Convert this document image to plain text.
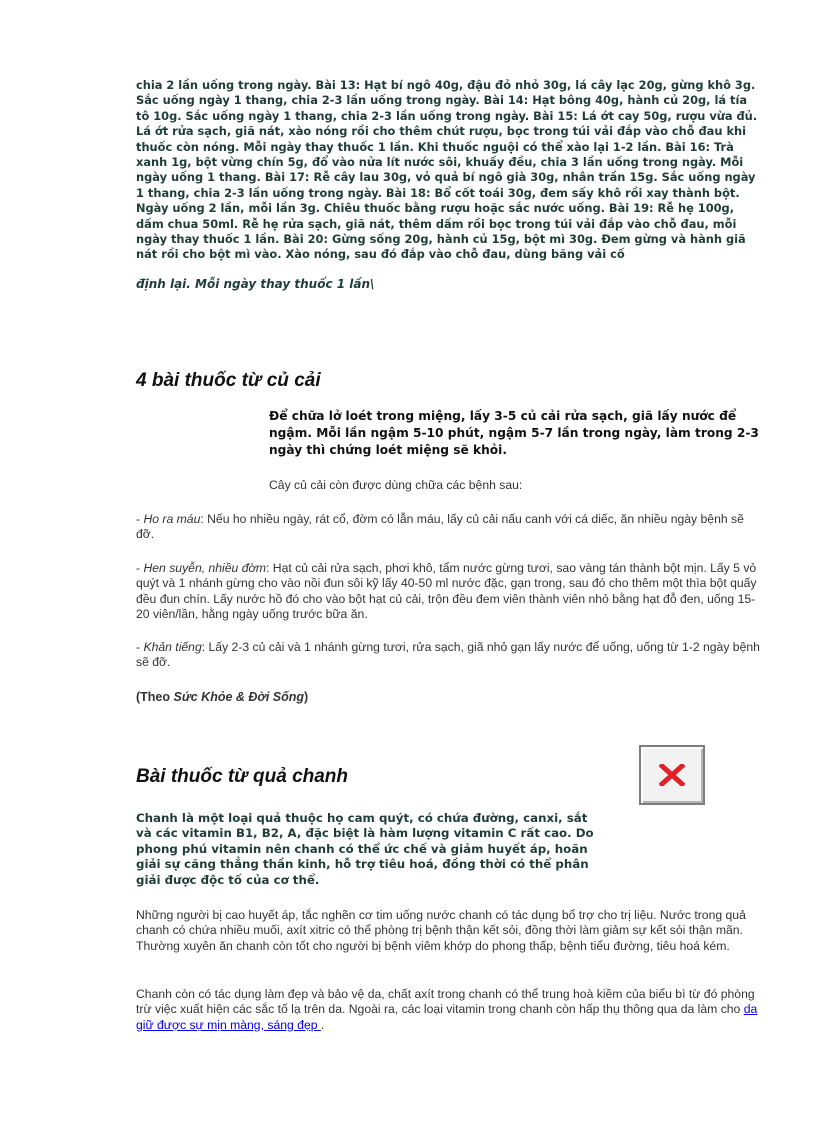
chia 2 lần uống trong ngày. Bài 13: Hạt bí ngô 40g, đậu đỏ nhỏ 30g, lá cây lạc 20g, gừng khô 3g. Sắc uống ngày 1 thang, chia 2-3 lần uống trong ngày. Bài 14: Hạt bông 40g, hành củ 20g, lá tía tô 10g. Sắc uống ngày 1 thang, chia 2-3 lần uống trong ngày. Bài 15: Lá ớt cay 50g, rượu vừa đủ. Lá ớt rửa sạch, giã nát, xào nóng rồi cho thêm chút rượu, bọc trong túi vải đắp vào chỗ đau khi thuốc còn nóng. Mỗi ngày thay thuốc 1 lần. Khi thuốc nguội có thể xào lại 1-2 lần. Bài 16: Trà xanh 1g, bột vừng chín 5g, đổ vào nửa lít nước sôi, khuấy đều, chia 3 lần uống trong ngày. Mỗi ngày uống 1 thang. Bài 17: Rễ cây lau 30g, vỏ quả bí ngô già 30g, nhân trần 15g. Sắc uống ngày 1 thang, chia 2-3 lần uống trong ngày. Bài 18: Bổ cốt toái 30g, đem sấy khô rồi xay thành bột. Ngày uống 2 lần, mỗi lần 3g. Chiêu thuốc bằng rượu hoặc sắc nước uống. Bài 19: Rễ hẹ 100g, dấm chua 50ml. Rễ hẹ rửa sạch, giã nát, thêm dấm rồi bọc trong túi vải đắp vào chỗ đau, mỗi ngày thay thuốc 1 lần. Bài 20: Gừng sống 20g, hành củ 15g, bột mì 30g. Đem gừng và hành giã nát rồi cho bột mì vào. Xào nóng, sau đó đắp vào chỗ đau, dùng băng vải cố

định lại. Mỗi ngày thay thuốc 1 lần\

4 bài thuốc từ củ cải

Để chữa lở loét trong miệng, lấy 3-5 củ cải rửa sạch, giã lấy nước để ngậm. Mỗi lần ngậm 5-10 phút, ngậm 5-7 lần trong ngày, làm trong 2-3 ngày thì chứng loét miệng sẽ khỏi.

Cây củ cải còn được dùng chữa các bệnh sau:

- Ho ra máu: Nếu ho nhiều ngày, rát cổ, đờm có lẫn máu, lấy củ cải nấu canh với cá diếc, ăn nhiều ngày bệnh sẽ đỡ.

- Hen suyễn, nhiều đờm: Hạt củ cải rửa sạch, phơi khô, tẩm nước gừng tươi, sao vàng tán thành bột mịn. Lấy 5 vỏ quýt và 1 nhánh gừng cho vào nồi đun sôi kỹ lấy 40-50 ml nước đặc, gạn trong, sau đó cho thêm một thìa bột quấy đều đun chín. Lấy nước hồ đó cho vào bột hạt củ cải, trộn đều đem viên thành viên nhỏ bằng hạt đỗ đen, uống 15-20 viên/lần, hằng ngày uống trước bữa ăn.

- Khản tiếng: Lấy 2-3 củ cải và 1 nhánh gừng tươi, rửa sạch, giã nhỏ gạn lấy nước để uống, uống từ 1-2 ngày bệnh sẽ đỡ.

(Theo Sức Khỏe & Đời Sống)

Bài thuốc từ quả chanh

Chanh là một loại quả thuộc họ cam quýt, có chứa đường, canxi, sắt và các vitamin B1, B2, A, đặc biệt là hàm lượng vitamin C rất cao. Do phong phú vitamin nên chanh có thể ức chế và giảm huyết áp, hoãn giải sự căng thẳng thần kinh, hỗ trợ tiêu hoá, đồng thời có thể phân giải được độc tố của cơ thể.

Những người bị cao huyết áp, tắc nghẽn cơ tim uống nước chanh có tác dụng bổ trợ cho trị liệu. Nước trong quả chanh có chứa nhiều muối, axít xitric có thể phòng trị bệnh thận kết sỏi, đồng thời làm giảm sự kết sỏi thận mãn. Thường xuyên ăn chanh còn tốt cho người bị bệnh viêm khớp do phong thấp, bệnh tiểu đường, tiêu hoá kém.

Chanh còn có tác dụng làm đẹp và bảo vệ da, chất axít trong chanh có thể trung hoà kiềm của biểu bì từ đó phòng trừ việc xuất hiện các sắc tố lạ trên da. Ngoài ra, các loại vitamin trong chanh còn hấp thụ thông qua da làm cho da giữ được sự mịn màng, sáng đẹp .
